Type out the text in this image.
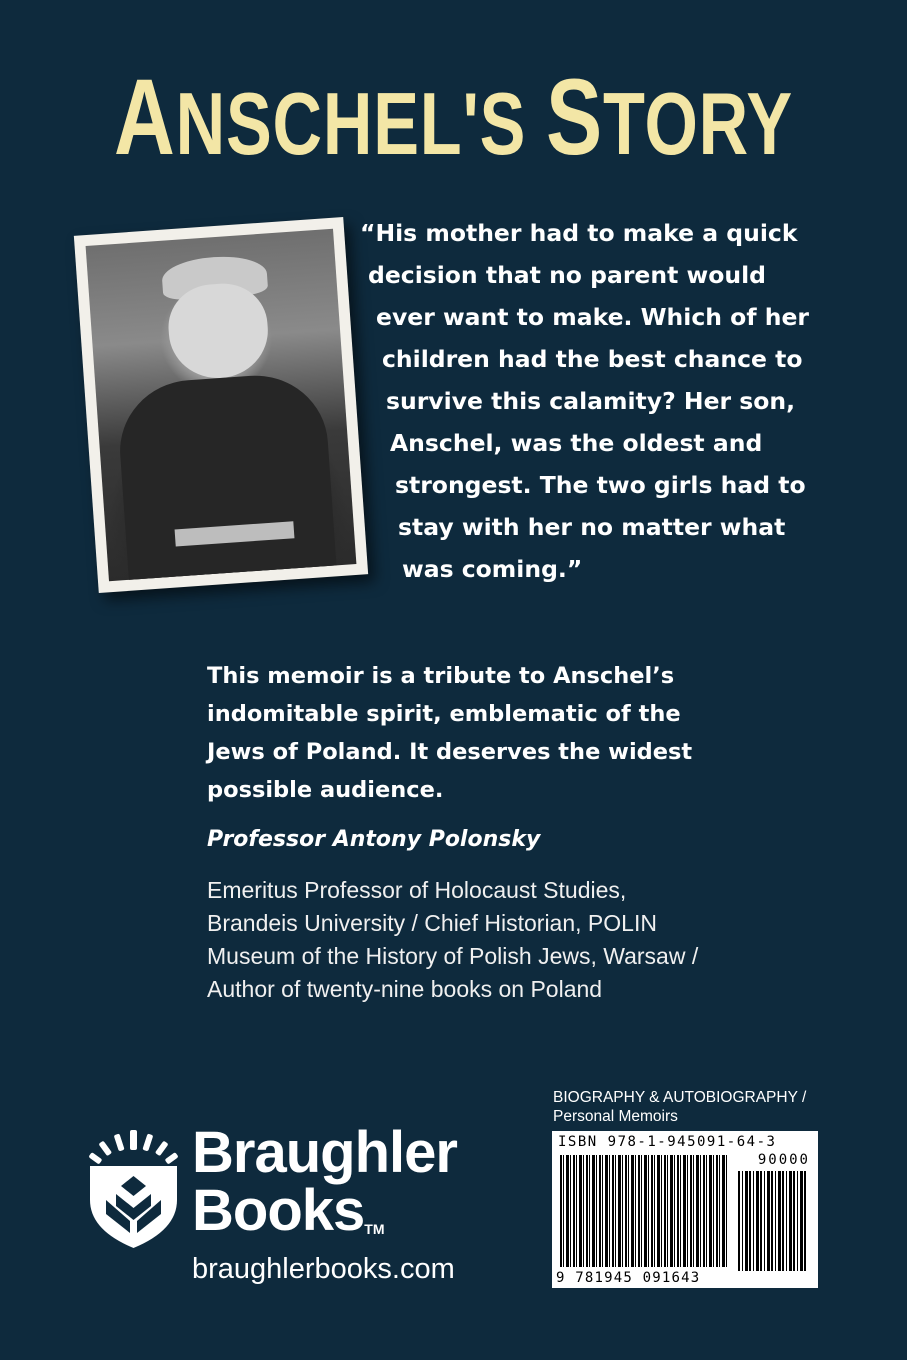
ANSCHEL'S STORY

“His mother had to make a quick
decision that no parent would
ever want to make. Which of her
children had the best chance to
survive this calamity? Her son,
Anschel, was the oldest and
strongest. The two girls had to
stay with her no matter what
was coming.”

This memoir is a tribute to Anschel’s
indomitable spirit, emblematic of the
Jews of Poland. It deserves the widest
possible audience.

Professor Antony Polonsky

Emeritus Professor of Holocaust Studies,
Brandeis University / Chief Historian, POLIN
Museum of the History of Polish Jews, Warsaw /
Author of twenty-nine books on Poland

BIOGRAPHY & AUTOBIOGRAPHY /
Personal Memoirs
ISBN 978-1-945091-64-3
90000
9 781945 091643
Braughler
Books™
braughlerbooks.com
